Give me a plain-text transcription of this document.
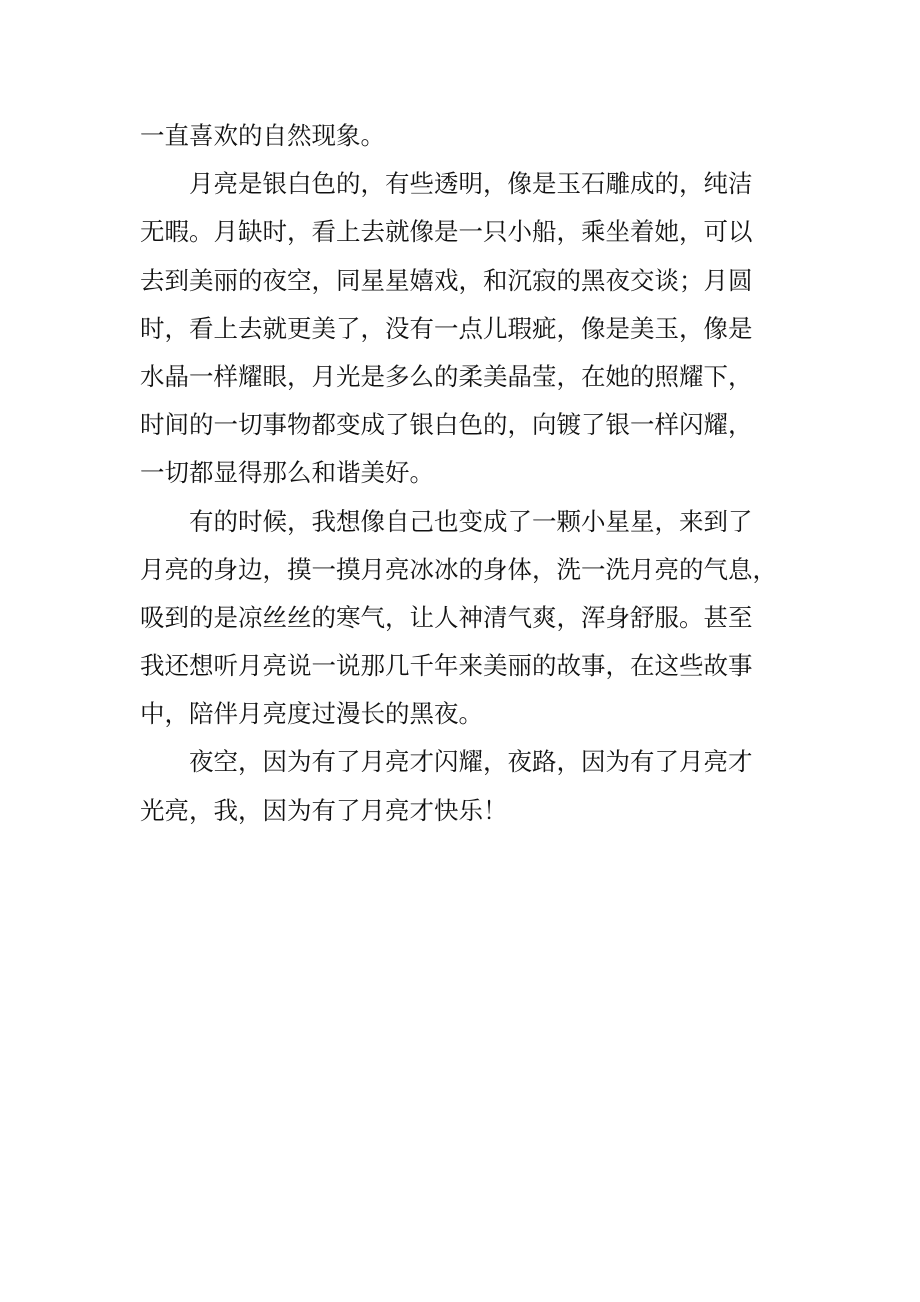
一直喜欢的自然现象。
月亮是银白色的，有些透明，像是玉石雕成的，纯洁
无暇。月缺时，看上去就像是一只小船，乘坐着她，可以
去到美丽的夜空，同星星嬉戏，和沉寂的黑夜交谈；月圆
时，看上去就更美了，没有一点儿瑕疵，像是美玉，像是
水晶一样耀眼，月光是多么的柔美晶莹，在她的照耀下，
时间的一切事物都变成了银白色的，向镀了银一样闪耀，
一切都显得那么和谐美好。
有的时候，我想像自己也变成了一颗小星星，来到了
月亮的身边，摸一摸月亮冰冰的身体，洗一洗月亮的气息，
吸到的是凉丝丝的寒气，让人神清气爽，浑身舒服。甚至
我还想听月亮说一说那几千年来美丽的故事，在这些故事
中，陪伴月亮度过漫长的黑夜。
夜空，因为有了月亮才闪耀，夜路，因为有了月亮才
光亮，我，因为有了月亮才快乐！
